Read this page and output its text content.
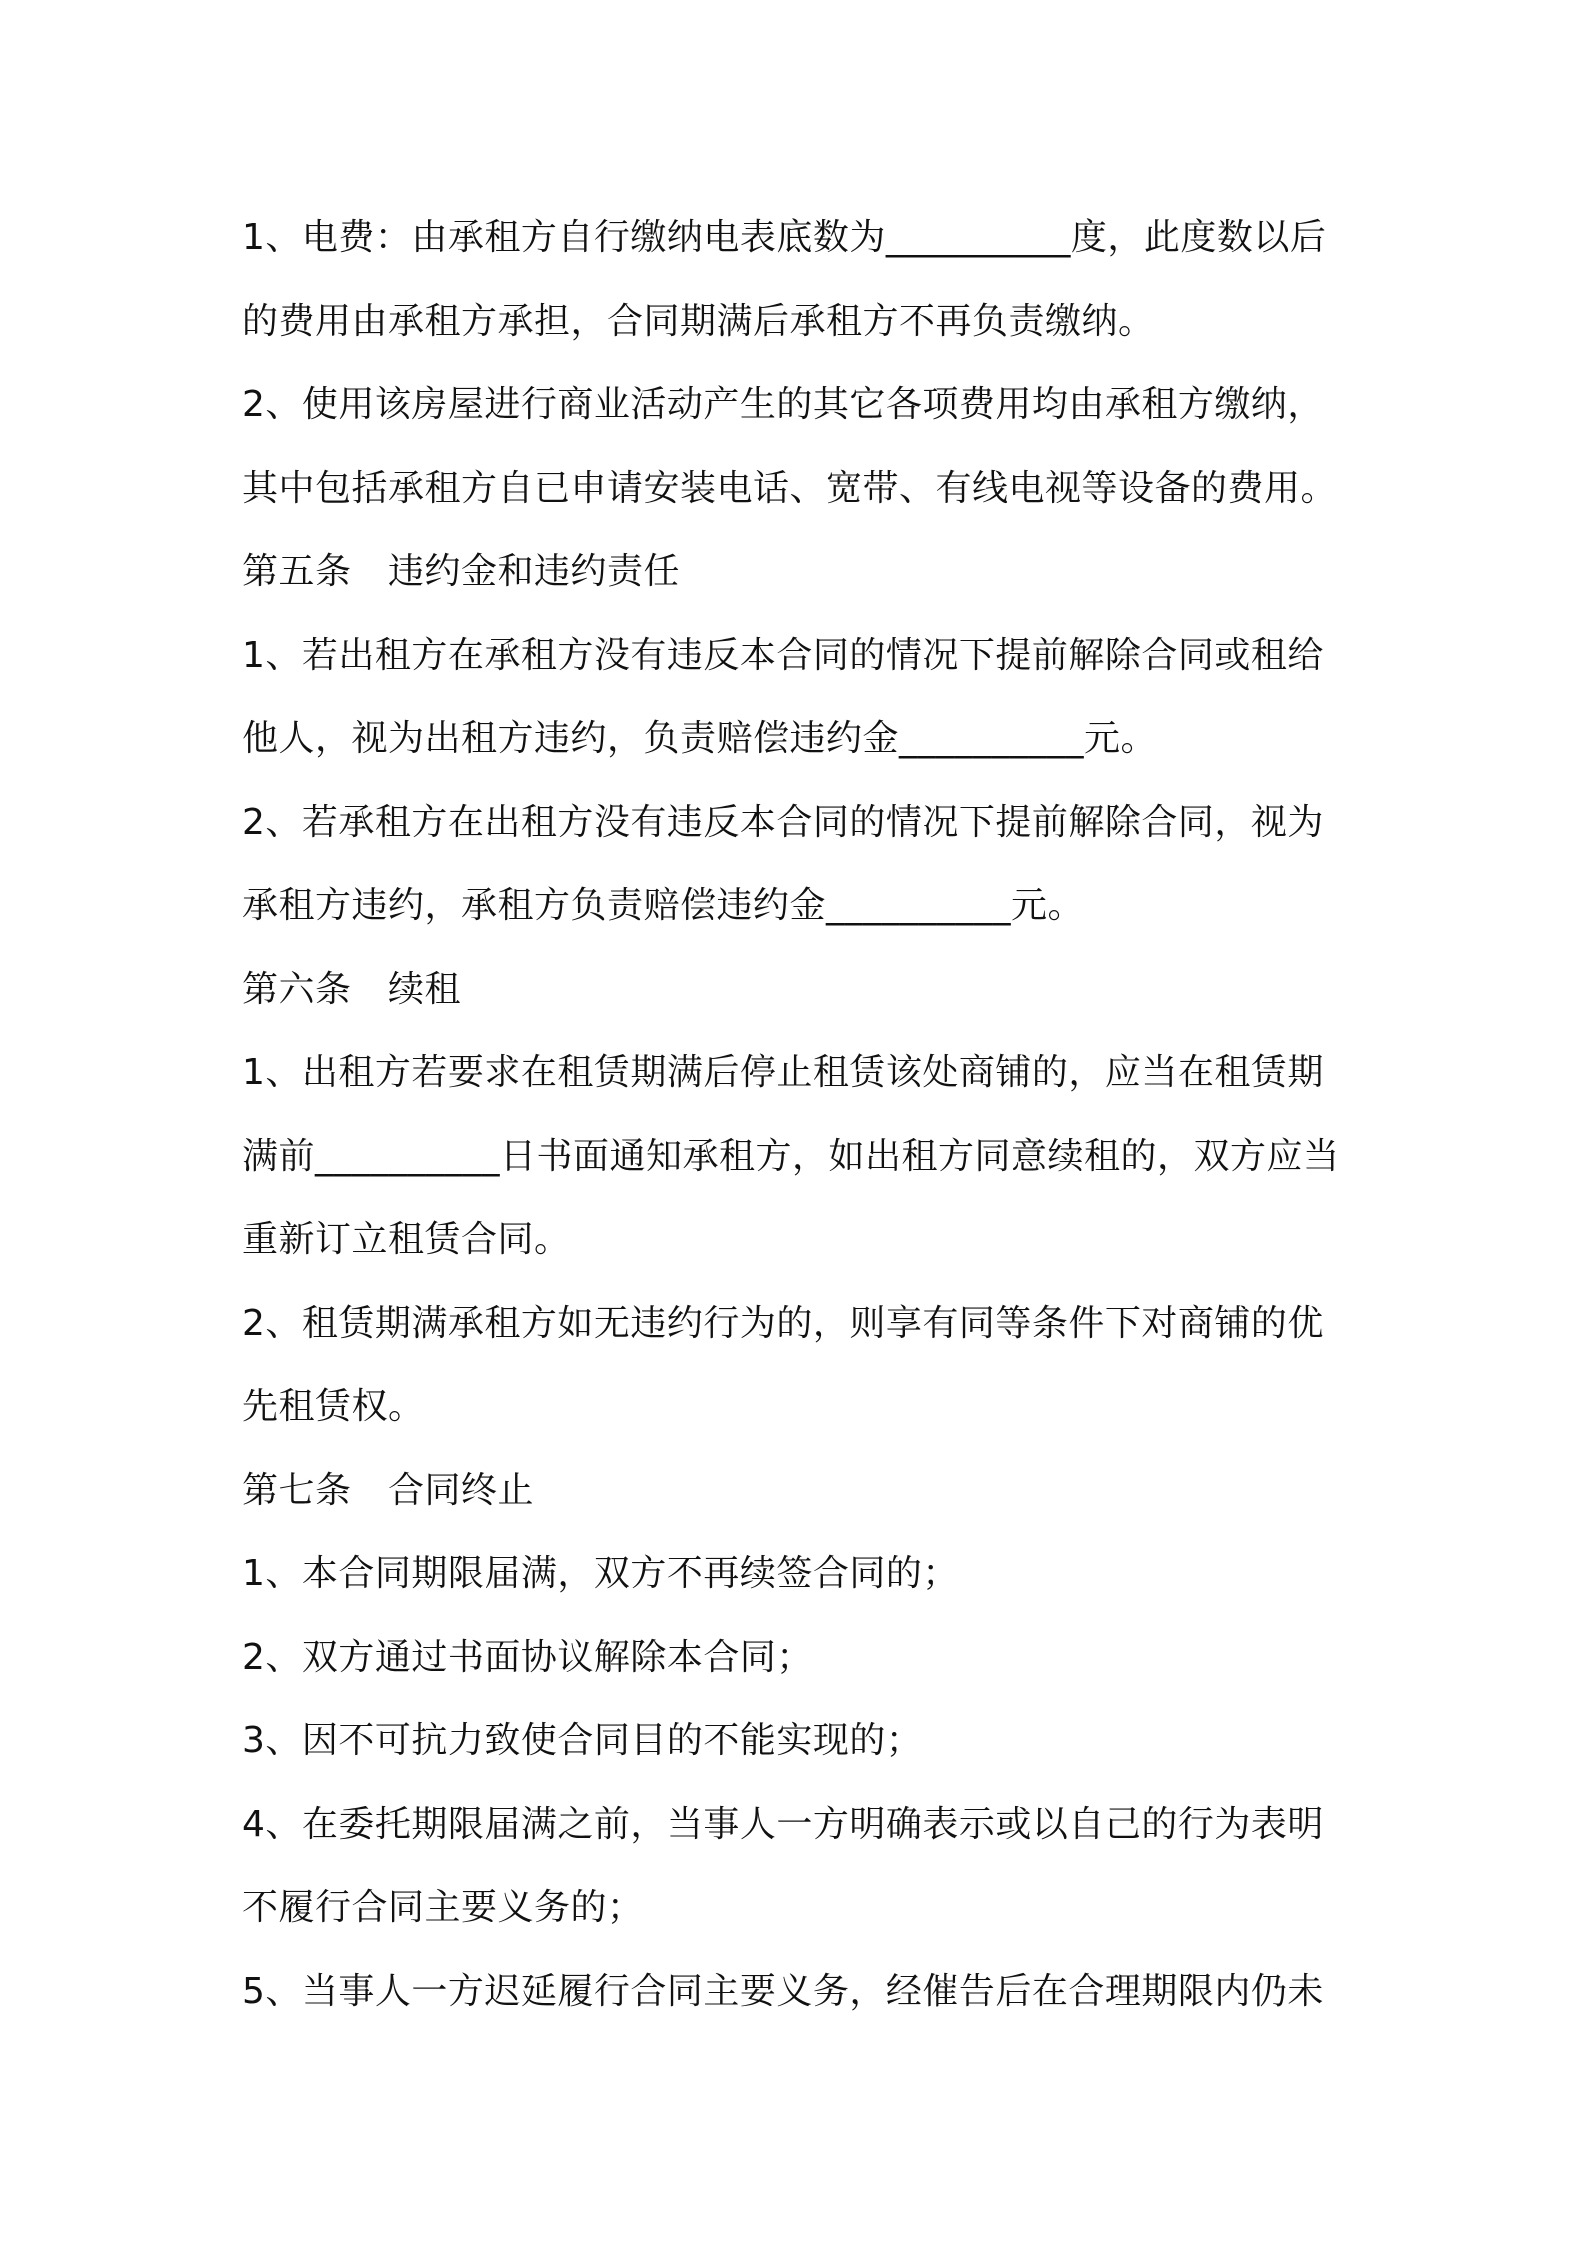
1、电费：由承租方自行缴纳电表底数为__________度，此度数以后
的费用由承租方承担，合同期满后承租方不再负责缴纳。
2、使用该房屋进行商业活动产生的其它各项费用均由承租方缴纳，
其中包括承租方自已申请安装电话、宽带、有线电视等设备的费用。
第五条　违约金和违约责任
1、若出租方在承租方没有违反本合同的情况下提前解除合同或租给
他人，视为出租方违约，负责赔偿违约金__________元。
2、若承租方在出租方没有违反本合同的情况下提前解除合同，视为
承租方违约，承租方负责赔偿违约金__________元。
第六条　续租
1、出租方若要求在租赁期满后停止租赁该处商铺的，应当在租赁期
满前__________日书面通知承租方，如出租方同意续租的，双方应当
重新订立租赁合同。
2、租赁期满承租方如无违约行为的，则享有同等条件下对商铺的优
先租赁权。
第七条　合同终止
1、本合同期限届满，双方不再续签合同的；
2、双方通过书面协议解除本合同；
3、因不可抗力致使合同目的不能实现的；
4、在委托期限届满之前，当事人一方明确表示或以自己的行为表明
不履行合同主要义务的；
5、当事人一方迟延履行合同主要义务，经催告后在合理期限内仍未
